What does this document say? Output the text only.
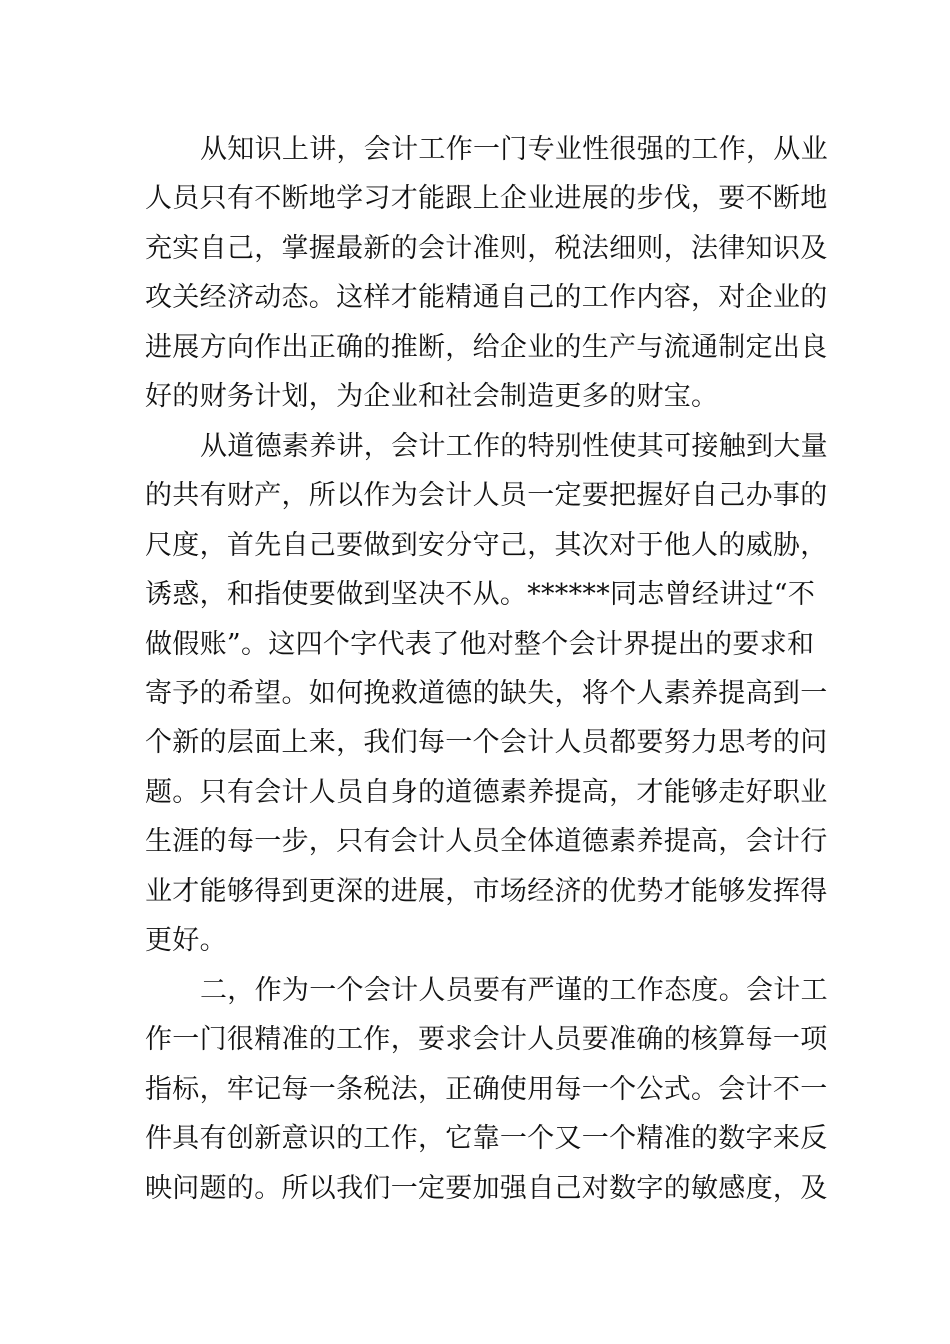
从知识上讲，会计工作一门专业性很强的工作，从业
人员只有不断地学习才能跟上企业进展的步伐，要不断地
充实自己，掌握最新的会计准则，税法细则，法律知识及
攻关经济动态。这样才能精通自己的工作内容，对企业的
进展方向作出正确的推断，给企业的生产与流通制定出良
好的财务计划，为企业和社会制造更多的财宝。
从道德素养讲，会计工作的特别性使其可接触到大量
的共有财产，所以作为会计人员一定要把握好自己办事的
尺度，首先自己要做到安分守己，其次对于他人的威胁，
诱惑，和指使要做到坚决不从。******同志曾经讲过“不
做假账”。这四个字代表了他对整个会计界提出的要求和
寄予的希望。如何挽救道德的缺失，将个人素养提高到一
个新的层面上来，我们每一个会计人员都要努力思考的问
题。只有会计人员自身的道德素养提高，才能够走好职业
生涯的每一步，只有会计人员全体道德素养提高，会计行
业才能够得到更深的进展，市场经济的优势才能够发挥得
更好。
二，作为一个会计人员要有严谨的工作态度。会计工
作一门很精准的工作，要求会计人员要准确的核算每一项
指标，牢记每一条税法，正确使用每一个公式。会计不一
件具有创新意识的工作，它靠一个又一个精准的数字来反
映问题的。所以我们一定要加强自己对数字的敏感度，及
